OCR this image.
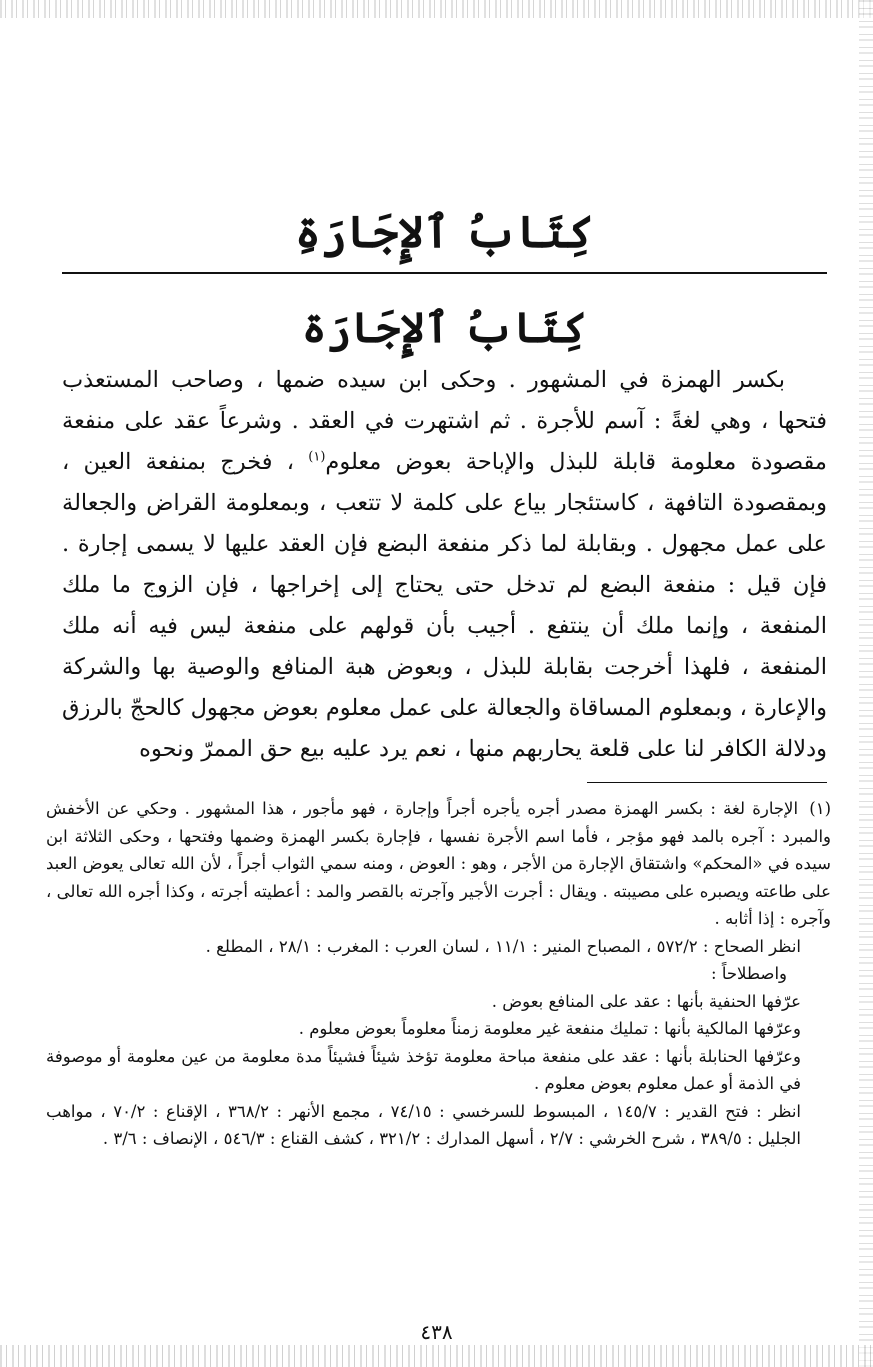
كِتَابُ ٱلإِجَارَةِ
كِتَابُ ٱلإِجَارَة

بكسر الهمزة في المشهور . وحكى ابن سيده ضمها ، وصاحب المستعذب فتحها ، وهي لغةً : آسم للأجرة . ثم اشتهرت في العقد . وشرعاً عقد على منفعة مقصودة معلومة قابلة للبذل والإباحة بعوض معلوم$^{(١)}$ ، فخرج بمنفعة العين ، وبمقصودة التافهة ، كاستئجار بياع على كلمة لا تتعب ، وبمعلومة القراض والجعالة على عمل مجهول . وبقابلة لما ذكر منفعة البضع فإن العقد عليها لا يسمى إجارة . فإن قيل : منفعة البضع لم تدخل حتى يحتاج إلى إخراجها ، فإن الزوج ما ملك المنفعة ، وإنما ملك أن ينتفع . أجيب بأن قولهم على منفعة ليس فيه أنه ملك المنفعة ، فلهذا أخرجت بقابلة للبذل ، وبعوض هبة المنافع والوصية بها والشركة والإعارة ، وبمعلوم المساقاة والجعالة على عمل معلوم بعوض مجهول كالحجّ بالرزق ودلالة الكافر لنا على قلعة يحاربهم منها ، نعم يرد عليه بيع حق الممرّ ونحوه

(١) الإجارة لغة : بكسر الهمزة مصدر أجره يأجره أجراً وإجارة ، فهو مأجور ، هذا المشهور . وحكي عن الأخفش والمبرد : آجره بالمد فهو مؤجر ، فأما اسم الأجرة نفسها ، فإجارة بكسر الهمزة وضمها وفتحها ، وحكى الثلاثة ابن سيده في «المحكم» واشتقاق الإجارة من الأجر ، وهو : العوض ، ومنه سمي الثواب أجراً ، لأن الله تعالى يعوض العبد على طاعته ويصبره على مصيبته . ويقال : أجرت الأجير وآجرته بالقصر والمد : أعطيته أجرته ، وكذا أجره الله تعالى ، وآجره : إذا أثابه .

انظر الصحاح : ٥٧٢/٢ ، المصباح المنير : ١١/١ ، لسان العرب : المغرب : ٢٨/١ ، المطلع .

واصطلاحاً :

عرّفها الحنفية بأنها : عقد على المنافع بعوض .

وعرّفها المالكية بأنها : تمليك منفعة غير معلومة زمناً معلوماً بعوض معلوم .

وعرّفها الحنابلة بأنها : عقد على منفعة مباحة معلومة تؤخذ شيئاً فشيئاً مدة معلومة من عين معلومة أو موصوفة في الذمة أو عمل معلوم بعوض معلوم .

انظر : فتح القدير : ١٤٥/٧ ، المبسوط للسرخسي : ٧٤/١٥ ، مجمع الأنهر : ٣٦٨/٢ ، الإقناع : ٧٠/٢ ، مواهب الجليل : ٣٨٩/٥ ، شرح الخرشي : ٢/٧ ، أسهل المدارك : ٣٢١/٢ ، كشف القناع : ٥٤٦/٣ ، الإنصاف : ٣/٦ .

٤٣٨
